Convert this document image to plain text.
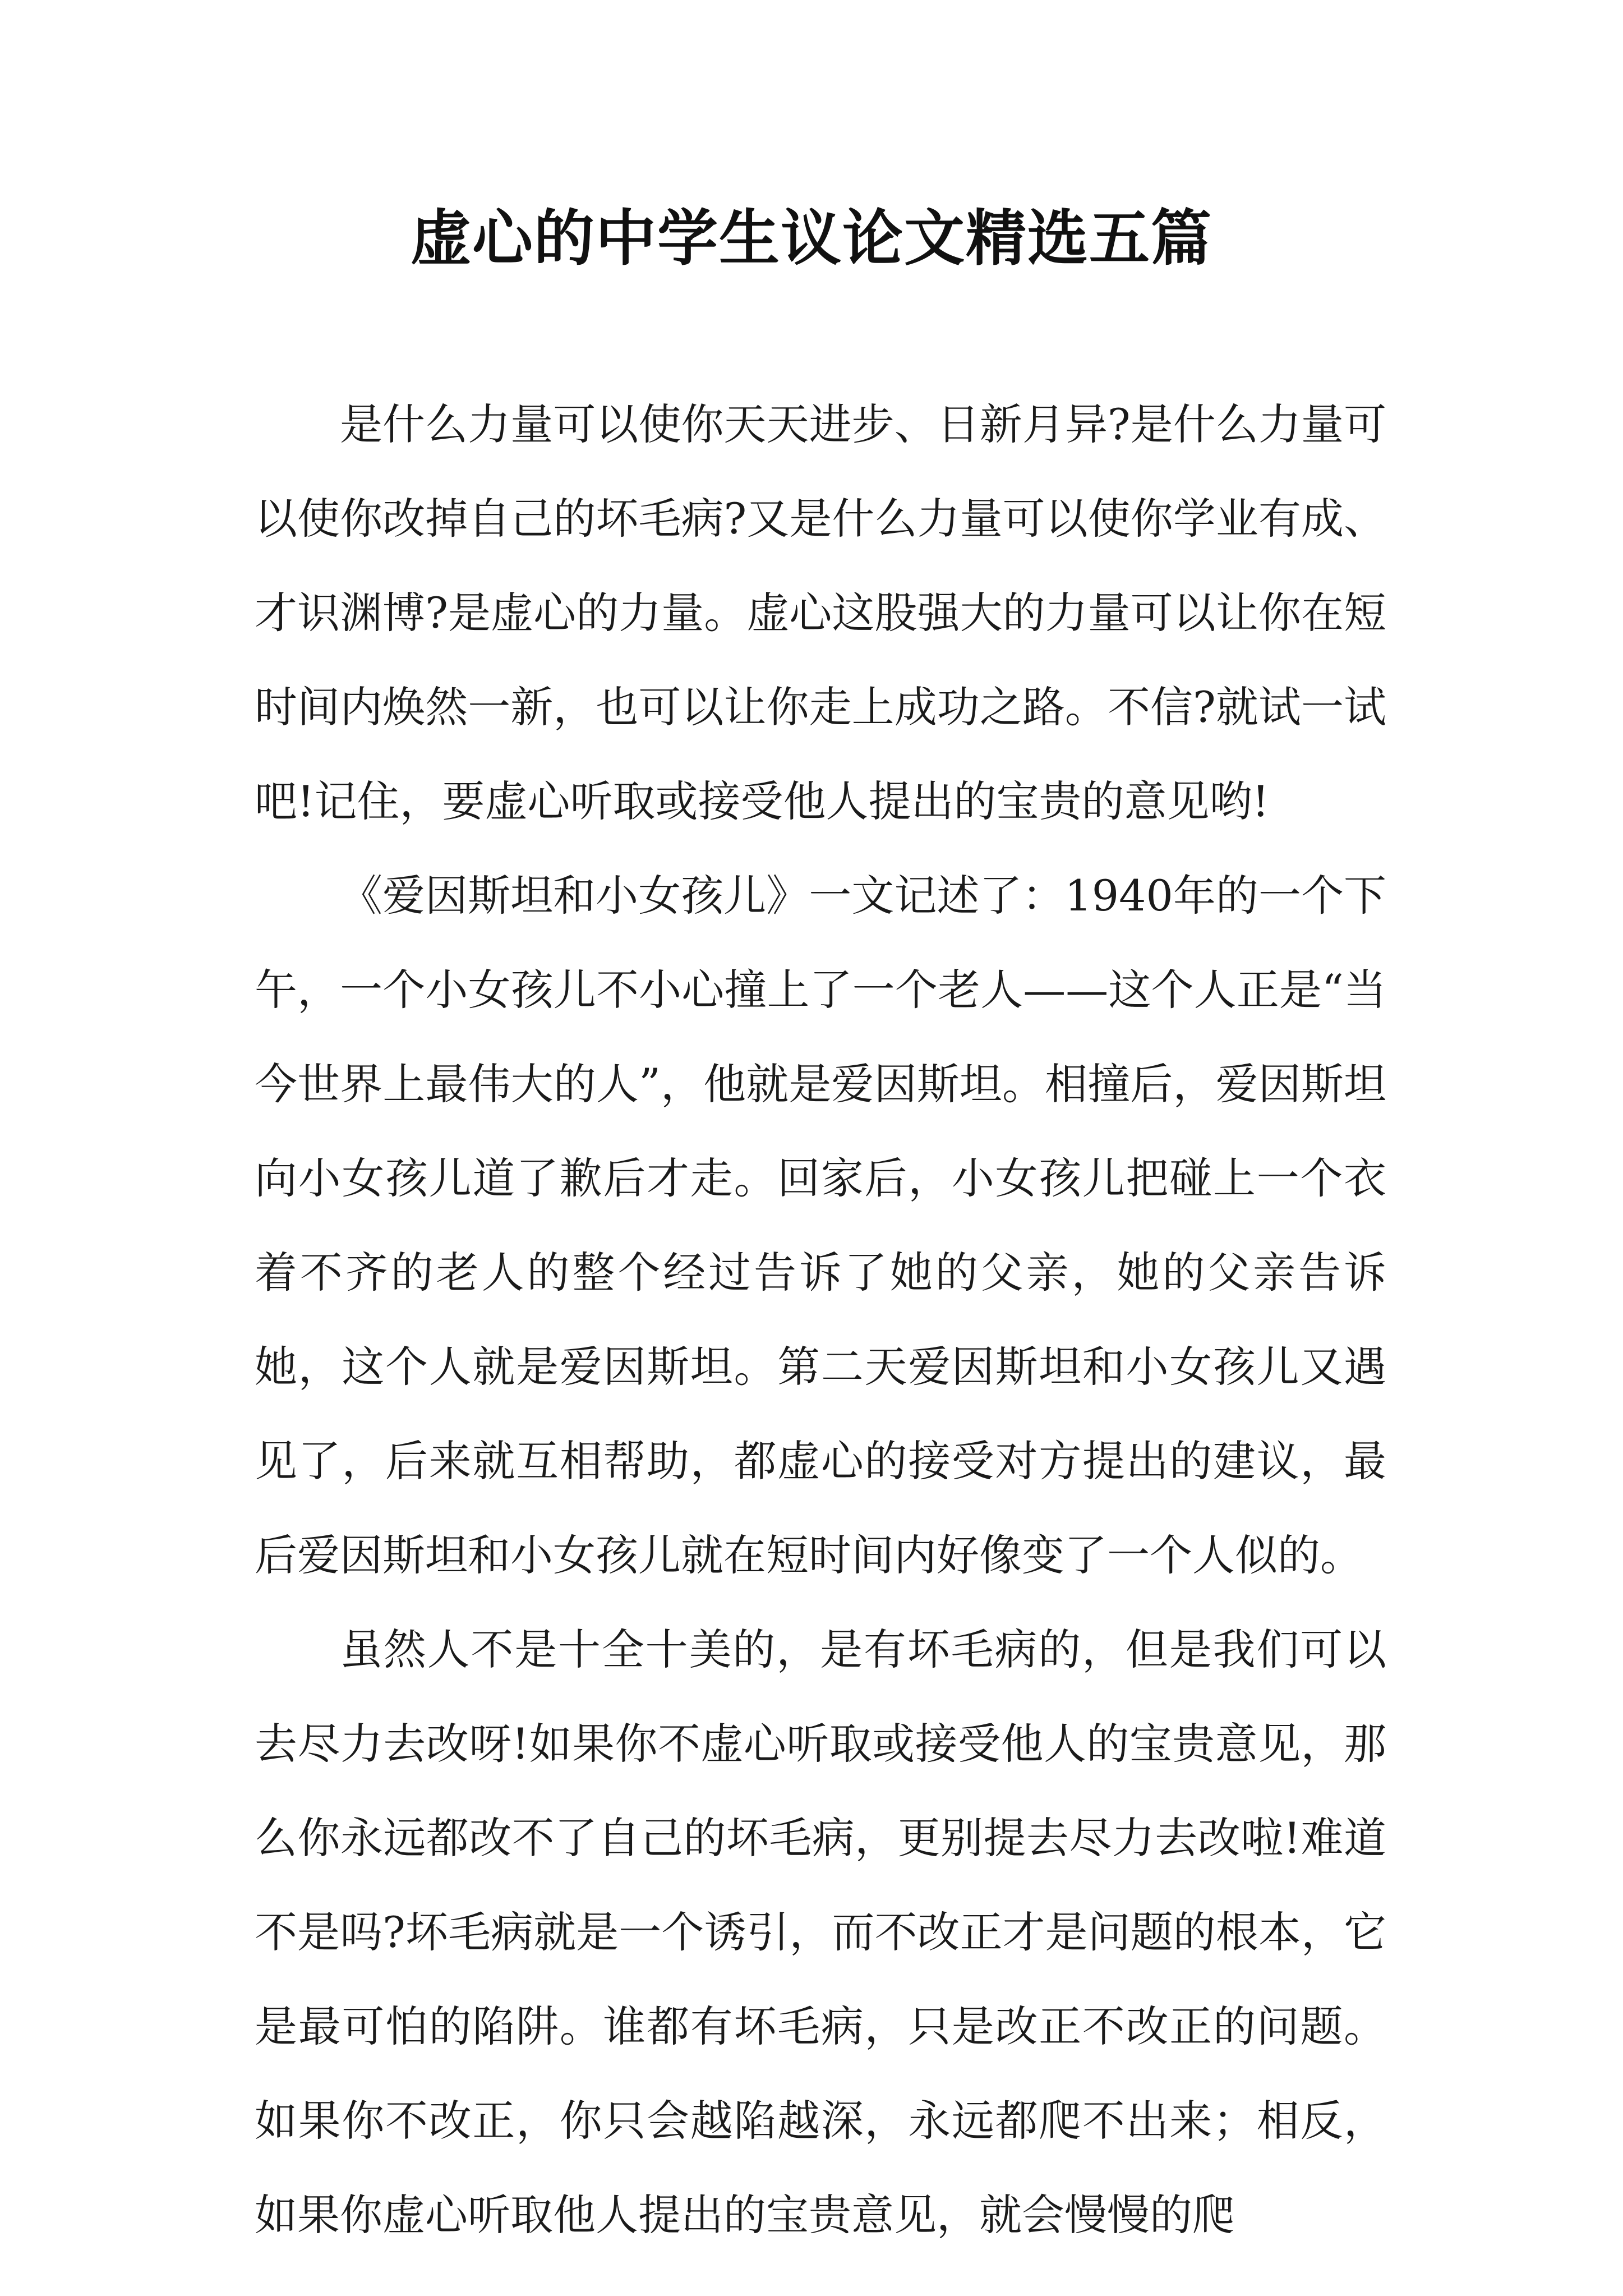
虚心的中学生议论文精选五篇

是什么力量可以使你天天进步、日新月异?是什么力量可以使你改掉自己的坏毛病?又是什么力量可以使你学业有成、才识渊博?是虚心的力量。虚心这股强大的力量可以让你在短时间内焕然一新，也可以让你走上成功之路。不信?就试一试吧!记住，要虚心听取或接受他人提出的宝贵的意见哟!

《爱因斯坦和小女孩儿》一文记述了：1940年的一个下午，一个小女孩儿不小心撞上了一个老人——这个人正是“当今世界上最伟大的人”，他就是爱因斯坦。相撞后，爱因斯坦向小女孩儿道了歉后才走。回家后，小女孩儿把碰上一个衣着不齐的老人的整个经过告诉了她的父亲，她的父亲告诉她，这个人就是爱因斯坦。第二天爱因斯坦和小女孩儿又遇见了，后来就互相帮助，都虚心的接受对方提出的建议，最后爱因斯坦和小女孩儿就在短时间内好像变了一个人似的。

虽然人不是十全十美的，是有坏毛病的，但是我们可以去尽力去改呀!如果你不虚心听取或接受他人的宝贵意见，那么你永远都改不了自己的坏毛病，更别提去尽力去改啦!难道不是吗?坏毛病就是一个诱引，而不改正才是问题的根本，它是最可怕的陷阱。谁都有坏毛病，只是改正不改正的问题。如果你不改正，你只会越陷越深，永远都爬不出来；相反，如果你虚心听取他人提出的宝贵意见，就会慢慢的爬
